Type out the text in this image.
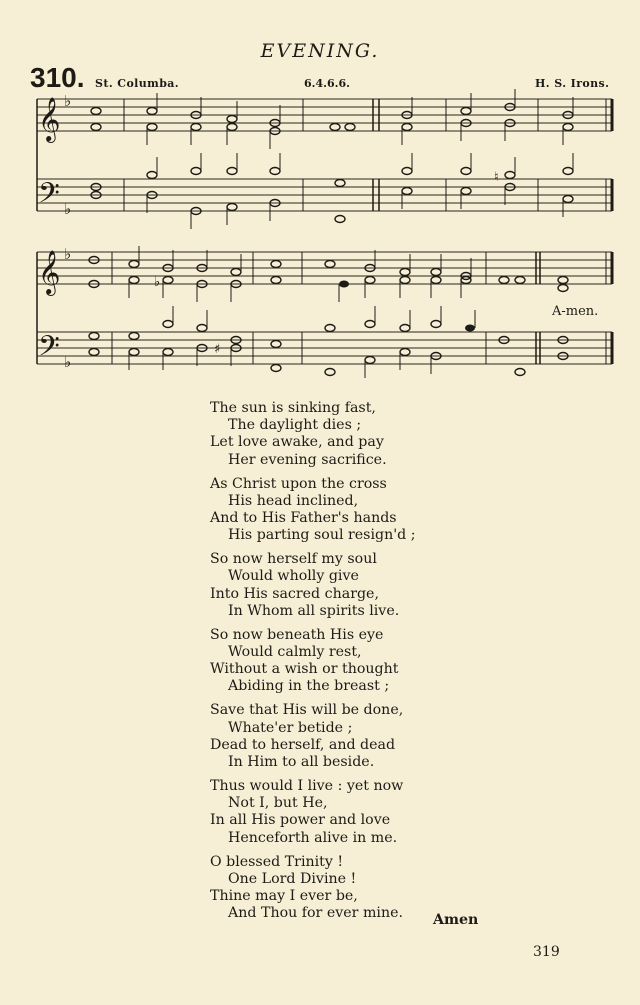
EVENING.
310. St. Columba.	6.4.6.6.	H. S. Irons.
𝄞
𝄢
𝄞
𝄢
♭
♭
♭
♭
♮
♭
♯
A-men.
The sun is sinking fast,
The daylight dies ;
Let love awake, and pay
Her evening sacrifice.
As Christ upon the cross
His head inclined,
And to His Father's hands
His parting soul resign'd ;
So now herself my soul
Would wholly give
Into His sacred charge,
In Whom all spirits live.
So now beneath His eye
Would calmly rest,
Without a wish or thought
Abiding in the breast ;
Save that His will be done,
Whate'er betide ;
Dead to herself, and dead
In Him to all beside.
Thus would I live : yet now
Not I, but He,
In all His power and love
Henceforth alive in me.
O blessed Trinity !
One Lord Divine !
Thine may I ever be,
And Thou for ever mine.	Amen
319
